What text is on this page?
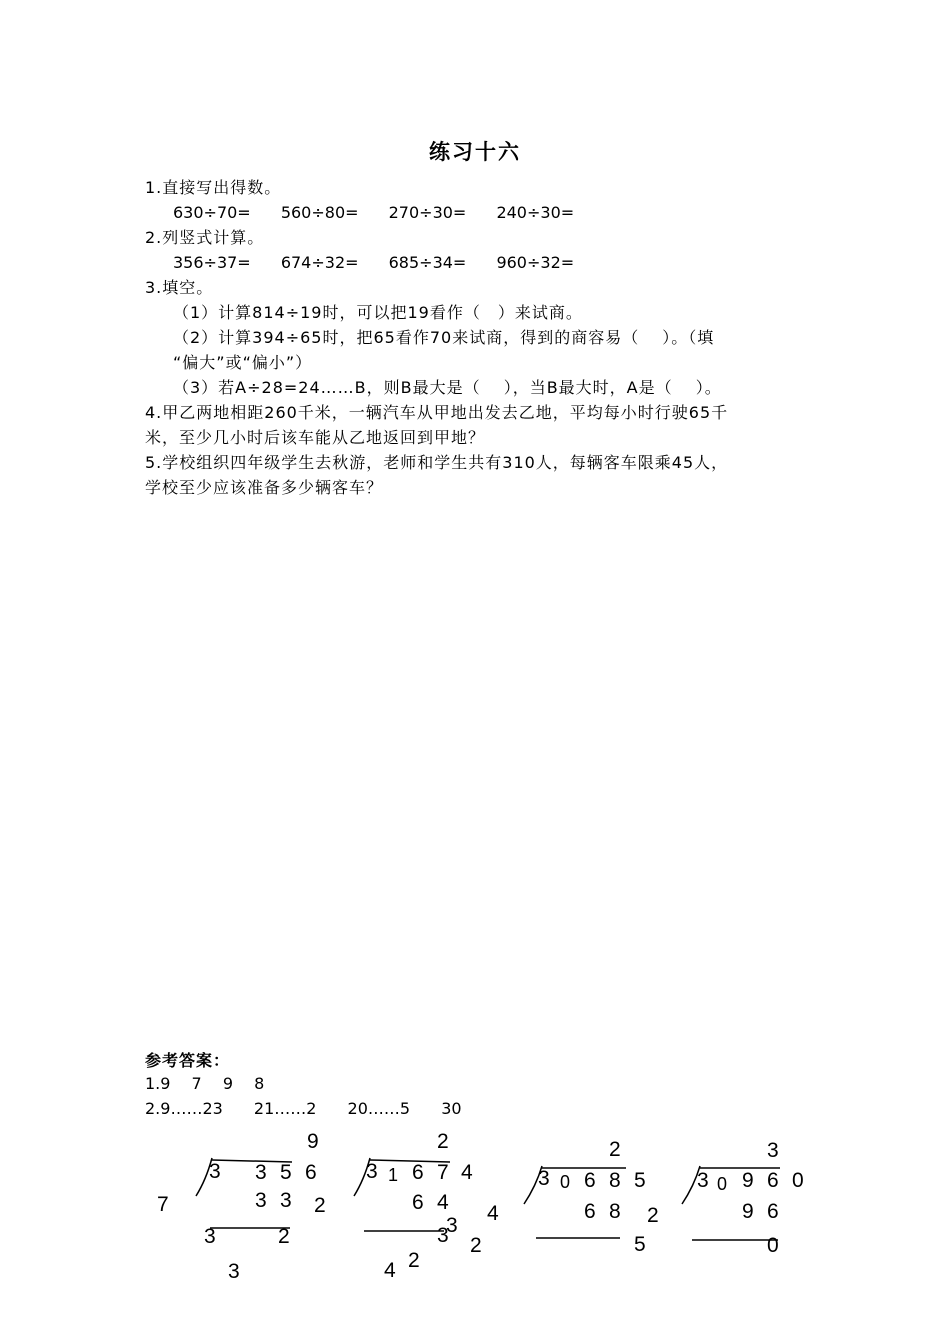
练习十六
1.直接写出得数。
630÷70= 560÷80= 270÷30= 240÷30=
2.列竖式计算。
356÷37= 674÷32= 685÷34= 960÷32=
3.填空。
（1）计算814÷19时，可以把19看作（　）来试商。
（2）计算394÷65时，把65看作70来试商，得到的商容易（　 ）。（填
“偏大”或“偏小”）
（3）若A÷28=24……B，则B最大是（　 ），当B最大时，A是（　 ）。
4.甲乙两地相距260千米，一辆汽车从甲地出发去乙地，平均每小时行驶65千
米，至少几小时后该车能从乙地返回到甲地？
5.学校组织四年级学生去秋游，老师和学生共有310人，每辆客车限乘45人，
学校至少应该准备多少辆客车？
参考答案：
1.9 7 9 8
2.9……23 21……2 20……5 30
9
3 3 5 6
7	3 3 2
3	2
3
2
3 1 6 7 4
6 4 4
3
3 2
4 2
2
3 0 6 8 5
6 8 2
5
3
3 0 9 6 0
9 6
0
